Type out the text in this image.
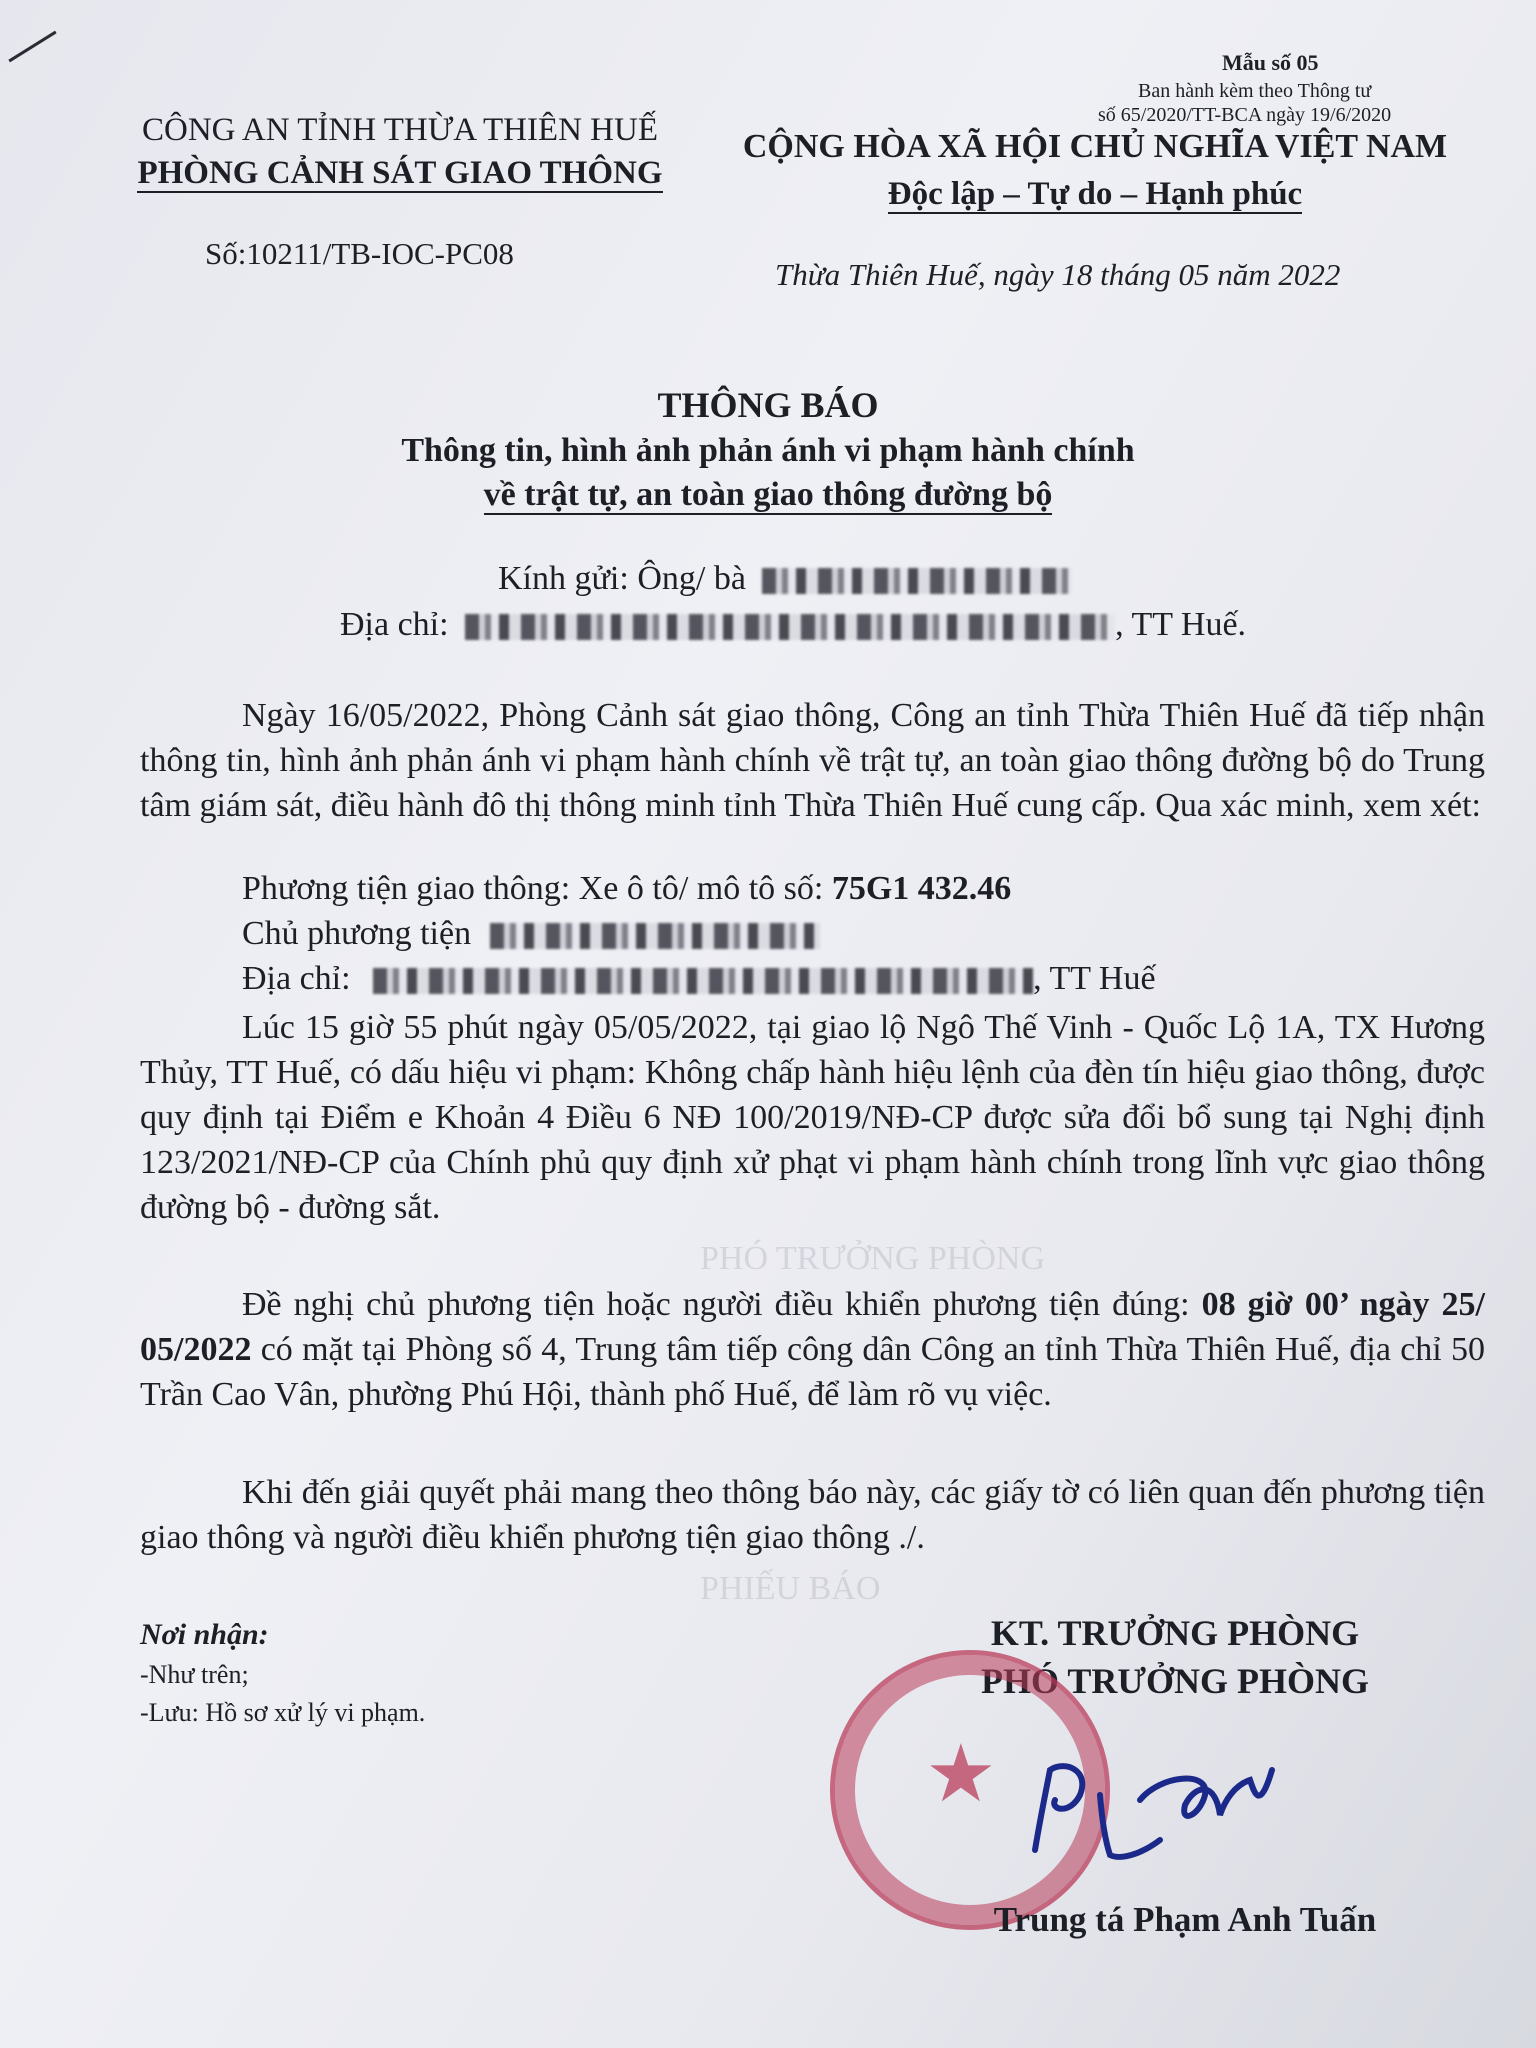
PHÓ TRƯỞNG PHÒNG
PHIẾU BÁO
Mẫu số 05
Ban hành kèm theo Thông tư
số 65/2020/TT-BCA ngày 19/6/2020
CÔNG AN TỈNH THỪA THIÊN HUẾ
PHÒNG CẢNH SÁT GIAO THÔNG
Số:10211/TB-IOC-PC08
CỘNG HÒA XÃ HỘI CHỦ NGHĨA VIỆT NAM
Độc lập – Tự do – Hạnh phúc
Thừa Thiên Huế, ngày 18 tháng 05 năm 2022
THÔNG BÁO
Thông tin, hình ảnh phản ánh vi phạm hành chính
về trật tự, an toàn giao thông đường bộ
Kính gửi: Ông/ bà
Địa chỉ:	, TT Huế.
Ngày 16/05/2022, Phòng Cảnh sát giao thông, Công an tỉnh Thừa Thiên Huế đã tiếp nhận thông tin, hình ảnh phản ánh vi phạm hành chính về trật tự, an toàn giao thông đường bộ do Trung tâm giám sát, điều hành đô thị thông minh tỉnh Thừa Thiên Huế cung cấp. Qua xác minh, xem xét:
Phương tiện giao thông: Xe ô tô/ mô tô số: 75G1 432.46
Chủ phương tiện
Địa chỉ:	, TT Huế
Lúc 15 giờ 55 phút ngày 05/05/2022, tại giao lộ Ngô Thế Vinh - Quốc Lộ 1A, TX Hương Thủy, TT Huế, có dấu hiệu vi phạm: Không chấp hành hiệu lệnh của đèn tín hiệu giao thông, được quy định tại Điểm e Khoản 4 Điều 6 NĐ 100/2019/NĐ-CP được sửa đổi bổ sung tại Nghị định 123/2021/NĐ-CP của Chính phủ quy định xử phạt vi phạm hành chính trong lĩnh vực giao thông đường bộ - đường sắt.
Đề nghị chủ phương tiện hoặc người điều khiển phương tiện đúng: 08 giờ 00’ ngày 25/ 05/2022 có mặt tại Phòng số 4, Trung tâm tiếp công dân Công an tỉnh Thừa Thiên Huế, địa chỉ 50 Trần Cao Vân, phường Phú Hội, thành phố Huế, để làm rõ vụ việc.
Khi đến giải quyết phải mang theo thông báo này, các giấy tờ có liên quan đến phương tiện giao thông và người điều khiển phương tiện giao thông ./.
Nơi nhận:
-Như trên;
-Lưu: Hồ sơ xử lý vi phạm.
KT. TRƯỞNG PHÒNG
PHÓ TRƯỞNG PHÒNG
★
Trung tá Phạm Anh Tuấn
